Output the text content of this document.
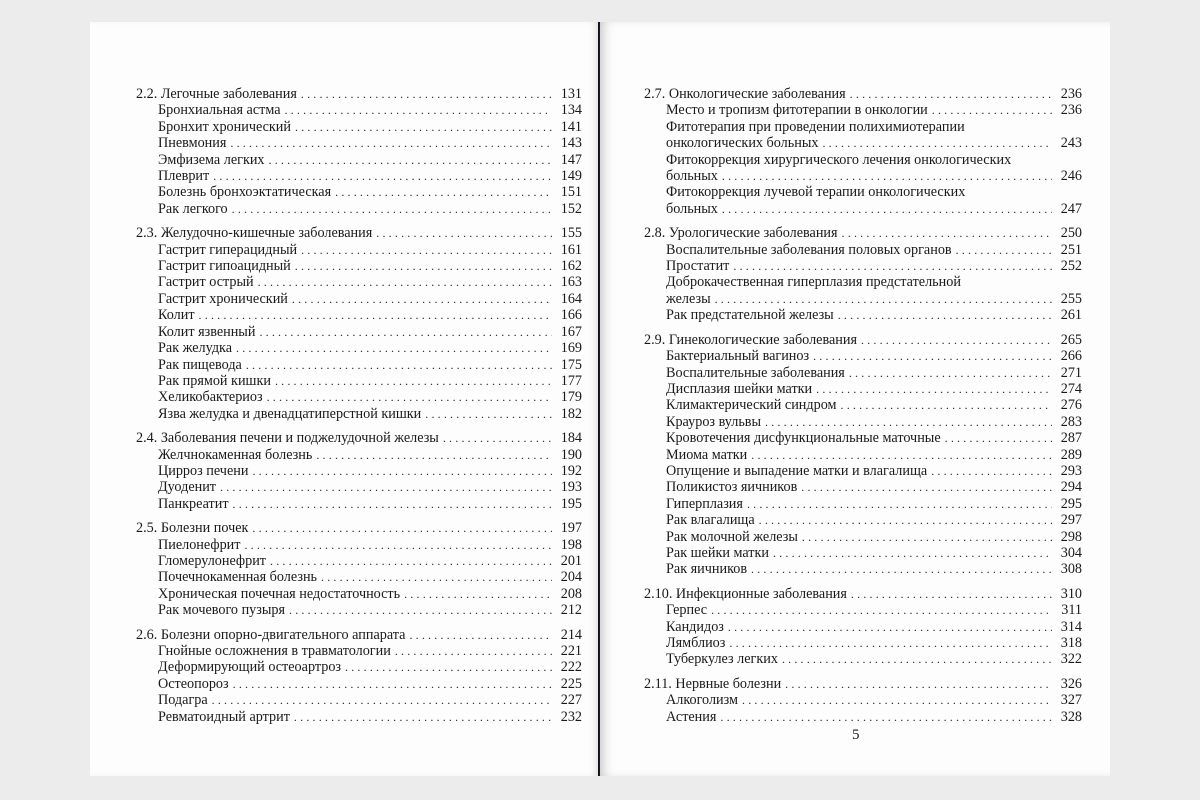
2.2. Легочные заболевания .....	131
Бронхиальная астма .....	134
Бронхит хронический .....	141
Пневмония .....	143
Эмфизема легких .....	147
Плеврит .....	149
Болезнь бронхоэктатическая .....	151
Рак легкого .....	152
2.3. Желудочно-кишечные заболевания .....	155
Гастрит гиперацидный .....	161
Гастрит гипоацидный .....	162
Гастрит острый .....	163
Гастрит хронический .....	164
Колит .....	166
Колит язвенный .....	167
Рак желудка .....	169
Рак пищевода .....	175
Рак прямой кишки .....	177
Хеликобактериоз .....	179
Язва желудка и двенадцатиперстной кишки .....	182
2.4. Заболевания печени и поджелудочной железы .....	184
Желчнокаменная болезнь .....	190
Цирроз печени .....	192
Дуоденит .....	193
Панкреатит .....	195
2.5. Болезни почек .....	197
Пиелонефрит .....	198
Гломерулонефрит .....	201
Почечнокаменная болезнь .....	204
Хроническая почечная недостаточность .....	208
Рак мочевого пузыря .....	212
2.6. Болезни опорно-двигательного аппарата .....	214
Гнойные осложнения в травматологии .....	221
Деформирующий остеоартроз .....	222
Остеопороз .....	225
Подагра .....	227
Ревматоидный артрит .....	232
2.7. Онкологические заболевания .....	236
Место и тропизм фитотерапии в онкологии .....	236
Фитотерапия при проведении полихимиотерапии
онкологических больных .....	243
Фитокоррекция хирургического лечения онкологических
больных .....	246
Фитокоррекция лучевой терапии онкологических
больных .....	247
2.8. Урологические заболевания .....	250
Воспалительные заболевания половых органов .....	251
Простатит .....	252
Доброкачественная гиперплазия предстательной
железы .....	255
Рак предстательной железы .....	261
2.9. Гинекологические заболевания .....	265
Бактериальный вагиноз .....	266
Воспалительные заболевания .....	271
Дисплазия шейки матки .....	274
Климактерический синдром .....	276
Крауроз вульвы .....	283
Кровотечения дисфункциональные маточные .....	287
Миома матки .....	289
Опущение и выпадение матки и влагалища .....	293
Поликистоз яичников .....	294
Гиперплазия .....	295
Рак влагалища .....	297
Рак молочной железы .....	298
Рак шейки матки .....	304
Рак яичников .....	308
2.10. Инфекционные заболевания .....	310
Герпес .....	311
Кандидоз .....	314
Лямблиоз .....	318
Туберкулез легких .....	322
2.11. Нервные болезни .....	326
Алкоголизм .....	327
Астения .....	328
5
